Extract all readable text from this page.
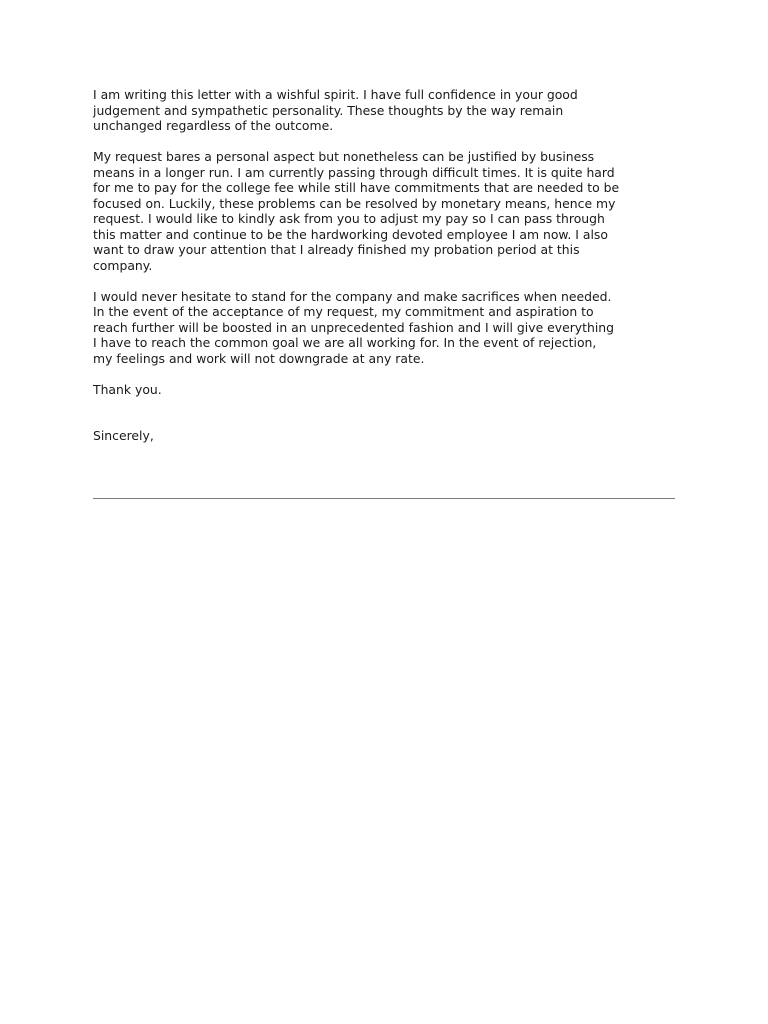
I am writing this letter with a wishful spirit. I have full confidence in your good
judgement and sympathetic personality. These thoughts by the way remain
unchanged regardless of the outcome.
My request bares a personal aspect but nonetheless can be justified by business
means in a longer run. I am currently passing through difficult times. It is quite hard
for me to pay for the college fee while still have commitments that are needed to be
focused on. Luckily, these problems can be resolved by monetary means, hence my
request. I would like to kindly ask from you to adjust my pay so I can pass through
this matter and continue to be the hardworking devoted employee I am now. I also
want to draw your attention that I already finished my probation period at this
company.
I would never hesitate to stand for the company and make sacrifices when needed.
In the event of the acceptance of my request, my commitment and aspiration to
reach further will be boosted in an unprecedented fashion and I will give everything
I have to reach the common goal we are all working for. In the event of rejection,
my feelings and work will not downgrade at any rate.
Thank you.
Sincerely,
